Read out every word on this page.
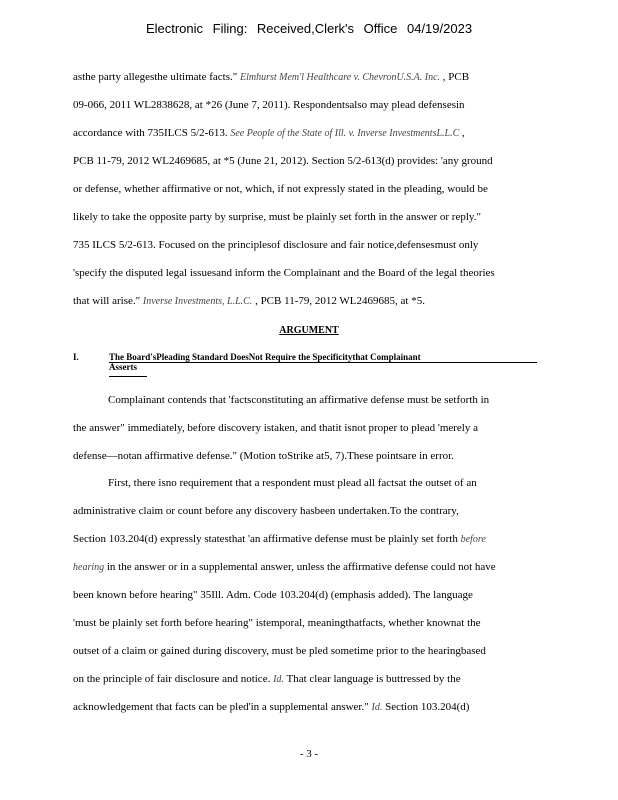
Electronic Filing: Received,Clerk's Office 04/19/2023
asthe party allegesthe ultimate facts." Elmhurst Mem'l Healthcare v. ChevronU.S.A. Inc. , PCB
09-066, 2011 WL2838628, at *26 (June 7, 2011). Respondentsalso may plead defensesin
accordance with 735ILCS 5/2-613. See People of the State of Ill. v. Inverse InvestmentsL.L.C ,
PCB 11-79, 2012 WL2469685, at *5 (June 21, 2012). Section 5/2-613(d) provides: 'any ground
or defense, whether affirmative or not, which, if not expressly stated in the pleading, would be
likely to take the opposite party by surprise, must be plainly set forth in the answer or reply."
735 ILCS 5/2-613. Focused on the principlesof disclosure and fair notice,defensesmust only
'specify the disputed legal issuesand inform the Complainant and the Board of the legal theories
that will arise." Inverse Investments, L.L.C. , PCB 11-79, 2012 WL2469685, at *5.
ARGUMENT
I.	The Board'sPleading Standard DoesNot Require the Specificitythat Complainant
Asserts
Complainant contends that 'factsconstituting an affirmative defense must be setforth in
the answer" immediately, before discovery istaken, and thatit isnot proper to plead 'merely a
defense—notan affirmative defense." (Motion toStrike at5, 7).These pointsare in error.
First, there isno requirement that a respondent must plead all factsat the outset of an
administrative claim or count before any discovery hasbeen undertaken.To the contrary,
Section 103.204(d) expressly statesthat 'an affirmative defense must be plainly set forth before
hearing in the answer or in a supplemental answer, unless the affirmative defense could not have
been known before hearing" 35Ill. Adm. Code 103.204(d) (emphasis added). The language
'must be plainly set forth before hearing" istemporal, meaningthatfacts, whether knownat the
outset of a claim or gained during discovery, must be pled sometime prior to the hearingbased
on the principle of fair disclosure and notice. Id. That clear language is buttressed by the
acknowledgement that facts can be pled'in a supplemental answer." Id. Section 103.204(d)
- 3 -
